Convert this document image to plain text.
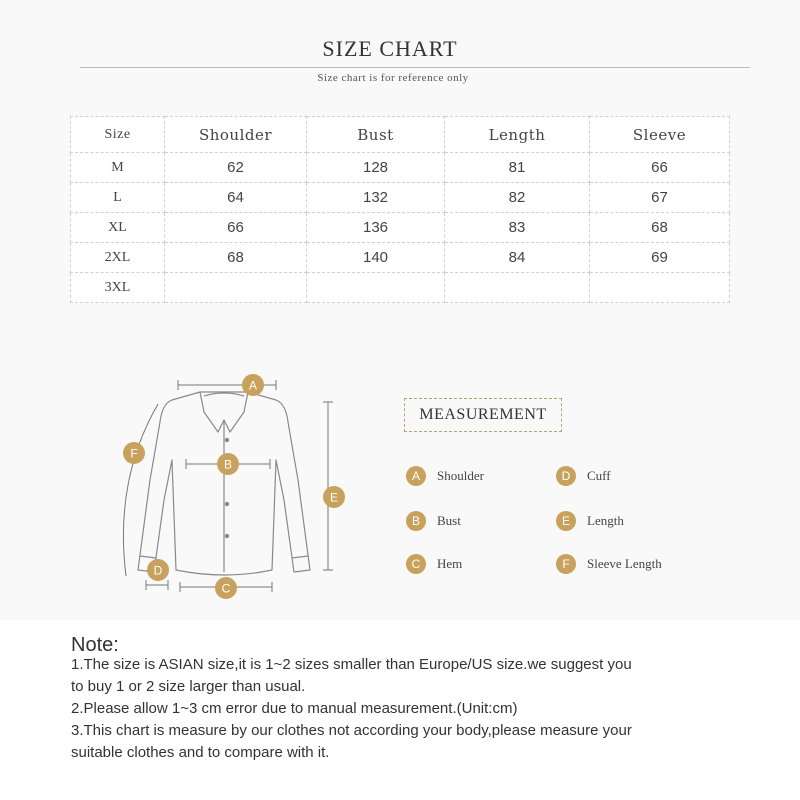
SIZE CHART
Size chart is for reference only
Size	Shoulder	Bust	Length	Sleeve
M	62	128	81	66
L	64	132	82	67
XL	66	136	83	68
2XL	68	140	84	69
3XL				
A
B
C
D
E
F
MEASUREMENT
A	Shoulder
B	Bust
C	Hem
D	Cuff
E	Length
F	Sleeve Length
Note:
1.The size is ASIAN size,it is 1~2 sizes smaller than Europe/US size.we suggest you
to buy 1 or 2 size larger than usual.
2.Please allow 1~3 cm error due to manual measurement.(Unit:cm)
3.This chart is measure by our clothes not according your body,please measure your
suitable clothes and to compare with it.
